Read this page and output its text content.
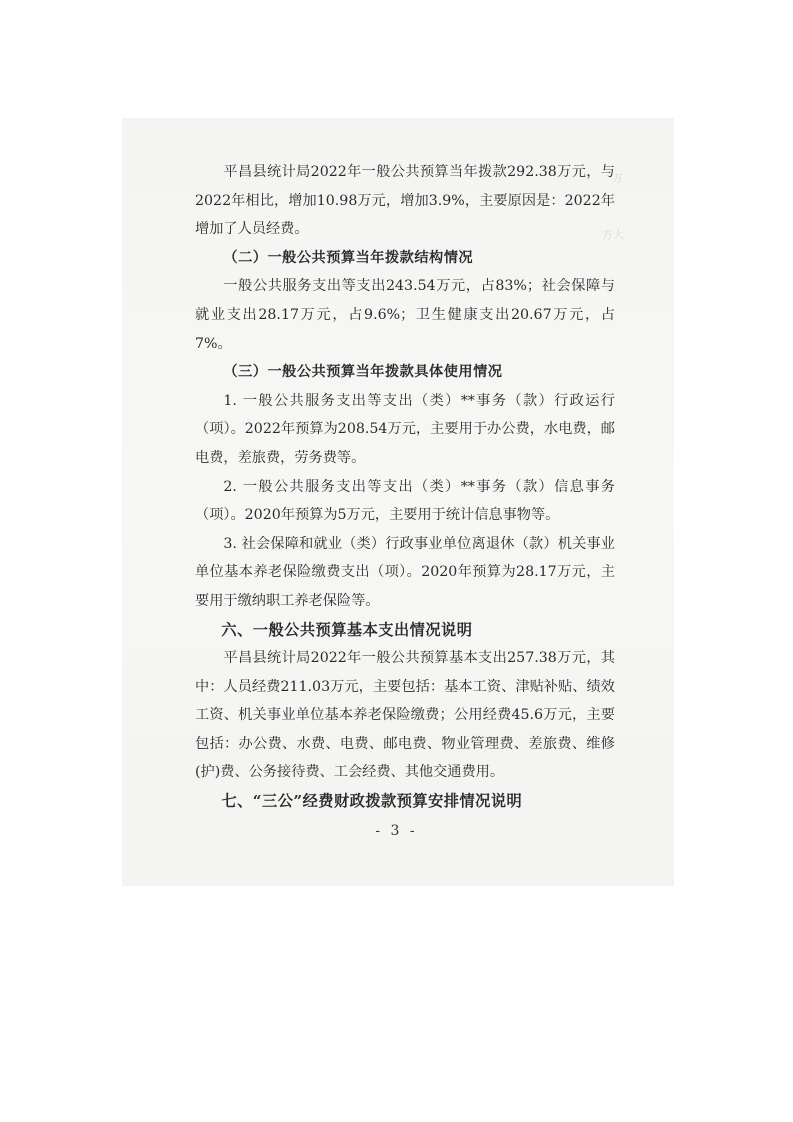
万
方大

平昌县统计局2022年一般公共预算当年拨款292.38万元，与2022年相比，增加10.98万元，增加3.9%，主要原因是：2022年增加了人员经费。

（二）一般公共预算当年拨款结构情况

一般公共服务支出等支出243.54万元，占83%；社会保障与就业支出28.17万元，占9.6%；卫生健康支出20.67万元，占7%。

（三）一般公共预算当年拨款具体使用情况

1. 一般公共服务支出等支出（类）**事务（款）行政运行（项）。2022年预算为208.54万元，主要用于办公费，水电费，邮电费，差旅费，劳务费等。

2. 一般公共服务支出等支出（类）**事务（款）信息事务（项）。2020年预算为5万元，主要用于统计信息事物等。

3. 社会保障和就业（类）行政事业单位离退休（款）机关事业单位基本养老保险缴费支出（项）。2020年预算为28.17万元，主要用于缴纳职工养老保险等。

六、一般公共预算基本支出情况说明

平昌县统计局2022年一般公共预算基本支出257.38万元，其中：人员经费211.03万元，主要包括：基本工资、津贴补贴、绩效工资、机关事业单位基本养老保险缴费；公用经费45.6万元，主要包括：办公费、水费、电费、邮电费、物业管理费、差旅费、维修(护)费、公务接待费、工会经费、其他交通费用。

七、“三公”经费财政拨款预算安排情况说明

- 3 -
